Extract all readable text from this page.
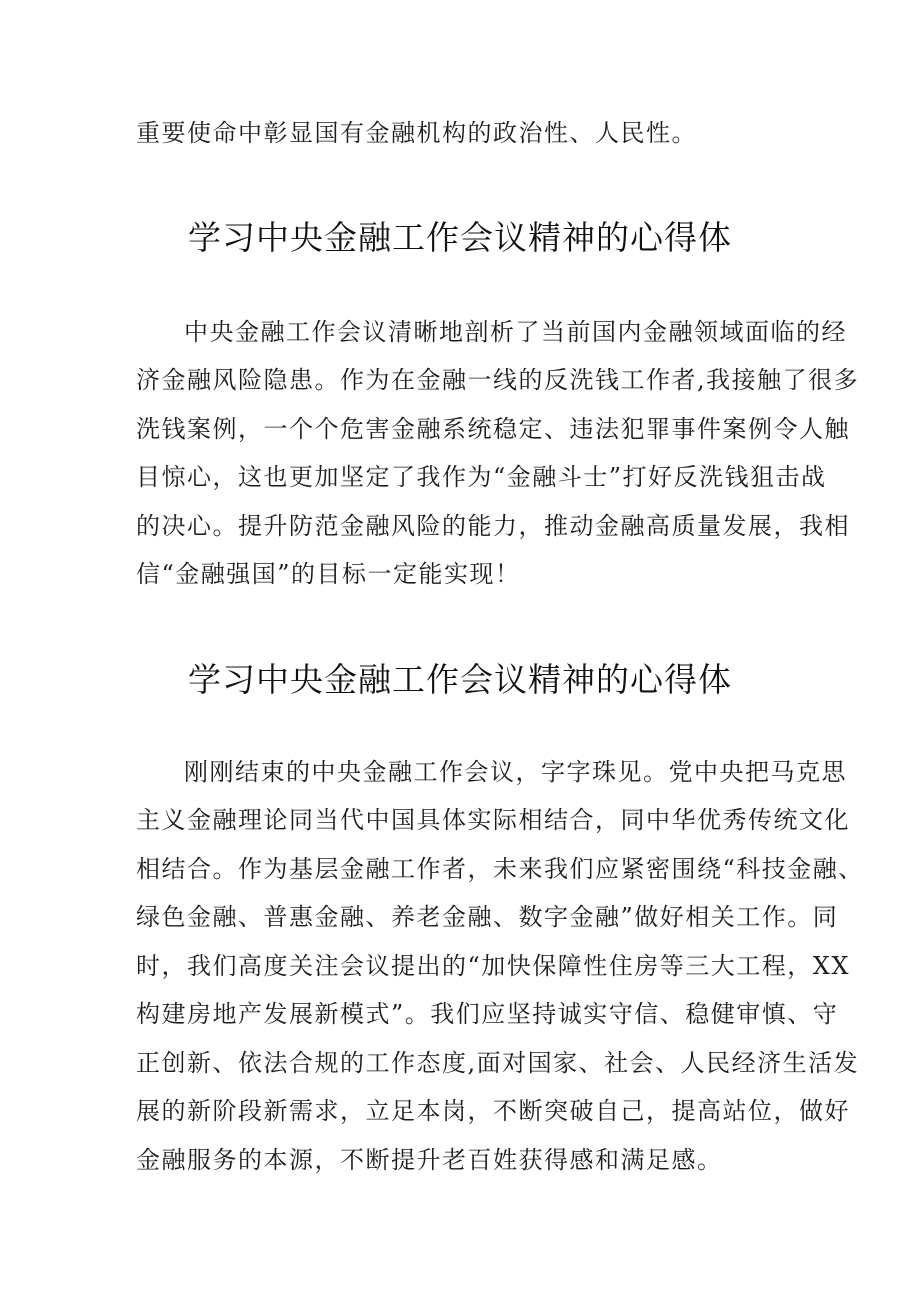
重要使命中彰显国有金融机构的政治性、人民性。
学习中央金融工作会议精神的心得体
中央金融工作会议清晰地剖析了当前国内金融领域面临的经
济金融风险隐患。作为在金融一线的反洗钱工作者,我接触了很多
洗钱案例，一个个危害金融系统稳定、违法犯罪事件案例令人触
目惊心，这也更加坚定了我作为“金融斗士”打好反洗钱狙击战
的决心。提升防范金融风险的能力，推动金融高质量发展，我相
信“金融强国”的目标一定能实现！
学习中央金融工作会议精神的心得体
刚刚结束的中央金融工作会议，字字珠见。党中央把马克思
主义金融理论同当代中国具体实际相结合，同中华优秀传统文化
相结合。作为基层金融工作者，未来我们应紧密围绕“科技金融、
绿色金融、普惠金融、养老金融、数字金融”做好相关工作。同
时，我们高度关注会议提出的“加快保障性住房等三大工程，XX
构建房地产发展新模式”。我们应坚持诚实守信、稳健审慎、守
正创新、依法合规的工作态度,面对国家、社会、人民经济生活发
展的新阶段新需求，立足本岗，不断突破自己，提高站位，做好
金融服务的本源，不断提升老百姓获得感和满足感。
